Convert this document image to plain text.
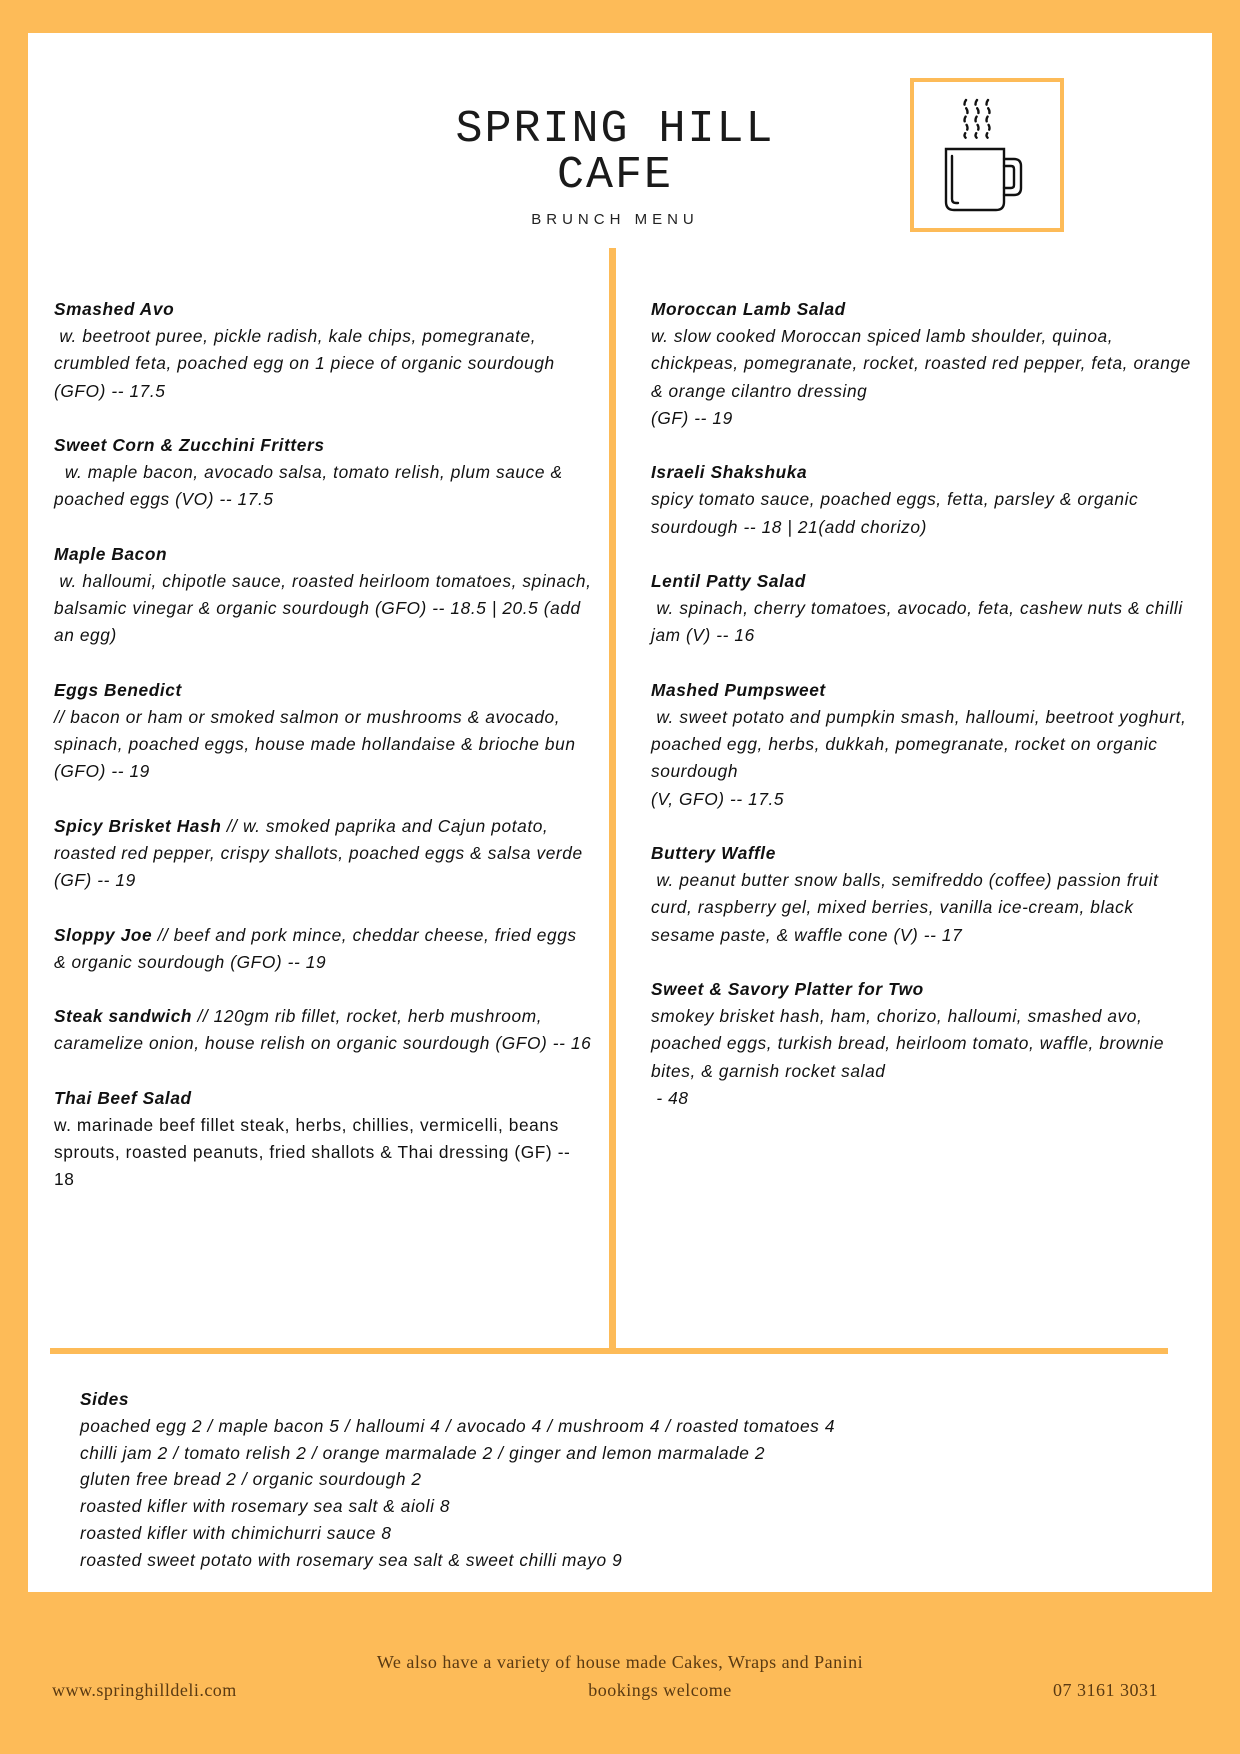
SPRING HILL
CAFE
BRUNCH MENU
Smashed Avo
w. beetroot puree, pickle radish, kale chips, pomegranate, crumbled feta, poached egg on 1 piece of organic sourdough (GFO) -- 17.5
Sweet Corn & Zucchini Fritters
w. maple bacon, avocado salsa, tomato relish, plum sauce & poached eggs (VO) -- 17.5
Maple Bacon
w. halloumi, chipotle sauce, roasted heirloom tomatoes, spinach, balsamic vinegar & organic sourdough (GFO) -- 18.5 | 20.5 (add an egg)
Eggs Benedict
// bacon or ham or smoked salmon or mushrooms & avocado, spinach, poached eggs, house made hollandaise & brioche bun (GFO) -- 19
Spicy Brisket Hash // w. smoked paprika and Cajun potato, roasted red pepper, crispy shallots, poached eggs & salsa verde (GF) -- 19
Sloppy Joe // beef and pork mince, cheddar cheese, fried eggs & organic sourdough (GFO) -- 19
Steak sandwich // 120gm rib fillet, rocket, herb mushroom, caramelize onion, house relish on organic sourdough (GFO) -- 16
Thai Beef Salad
w. marinade beef fillet steak, herbs, chillies, vermicelli, beans sprouts, roasted peanuts, fried shallots & Thai dressing (GF) -- 18
Moroccan Lamb Salad
w. slow cooked Moroccan spiced lamb shoulder, quinoa, chickpeas, pomegranate, rocket, roasted red pepper, feta, orange & orange cilantro dressing
(GF) -- 19
Israeli Shakshuka
spicy tomato sauce, poached eggs, fetta, parsley & organic sourdough -- 18 | 21(add chorizo)
Lentil Patty Salad
w. spinach, cherry tomatoes, avocado, feta, cashew nuts & chilli jam (V) -- 16
Mashed Pumpsweet
w. sweet potato and pumpkin smash, halloumi, beetroot yoghurt, poached egg, herbs, dukkah, pomegranate, rocket on organic sourdough
(V, GFO) -- 17.5
Buttery Waffle
w. peanut butter snow balls, semifreddo (coffee) passion fruit curd, raspberry gel, mixed berries, vanilla ice-cream, black sesame paste, & waffle cone (V) -- 17
Sweet & Savory Platter for Two
smokey brisket hash, ham, chorizo, halloumi, smashed avo, poached eggs, turkish bread, heirloom tomato, waffle, brownie bites, & garnish rocket salad
- 48
Sides
poached egg 2 / maple bacon 5 / halloumi 4 / avocado 4 / mushroom 4 / roasted tomatoes 4
chilli jam 2 / tomato relish 2 / orange marmalade 2 / ginger and lemon marmalade 2
gluten free bread 2 / organic sourdough 2
roasted kifler with rosemary sea salt & aioli 8
roasted kifler with chimichurri sauce 8
roasted sweet potato with rosemary sea salt & sweet chilli mayo 9
We also have a variety of house made Cakes, Wraps and Panini
www.springhilldeli.com	bookings welcome	07 3161 3031
